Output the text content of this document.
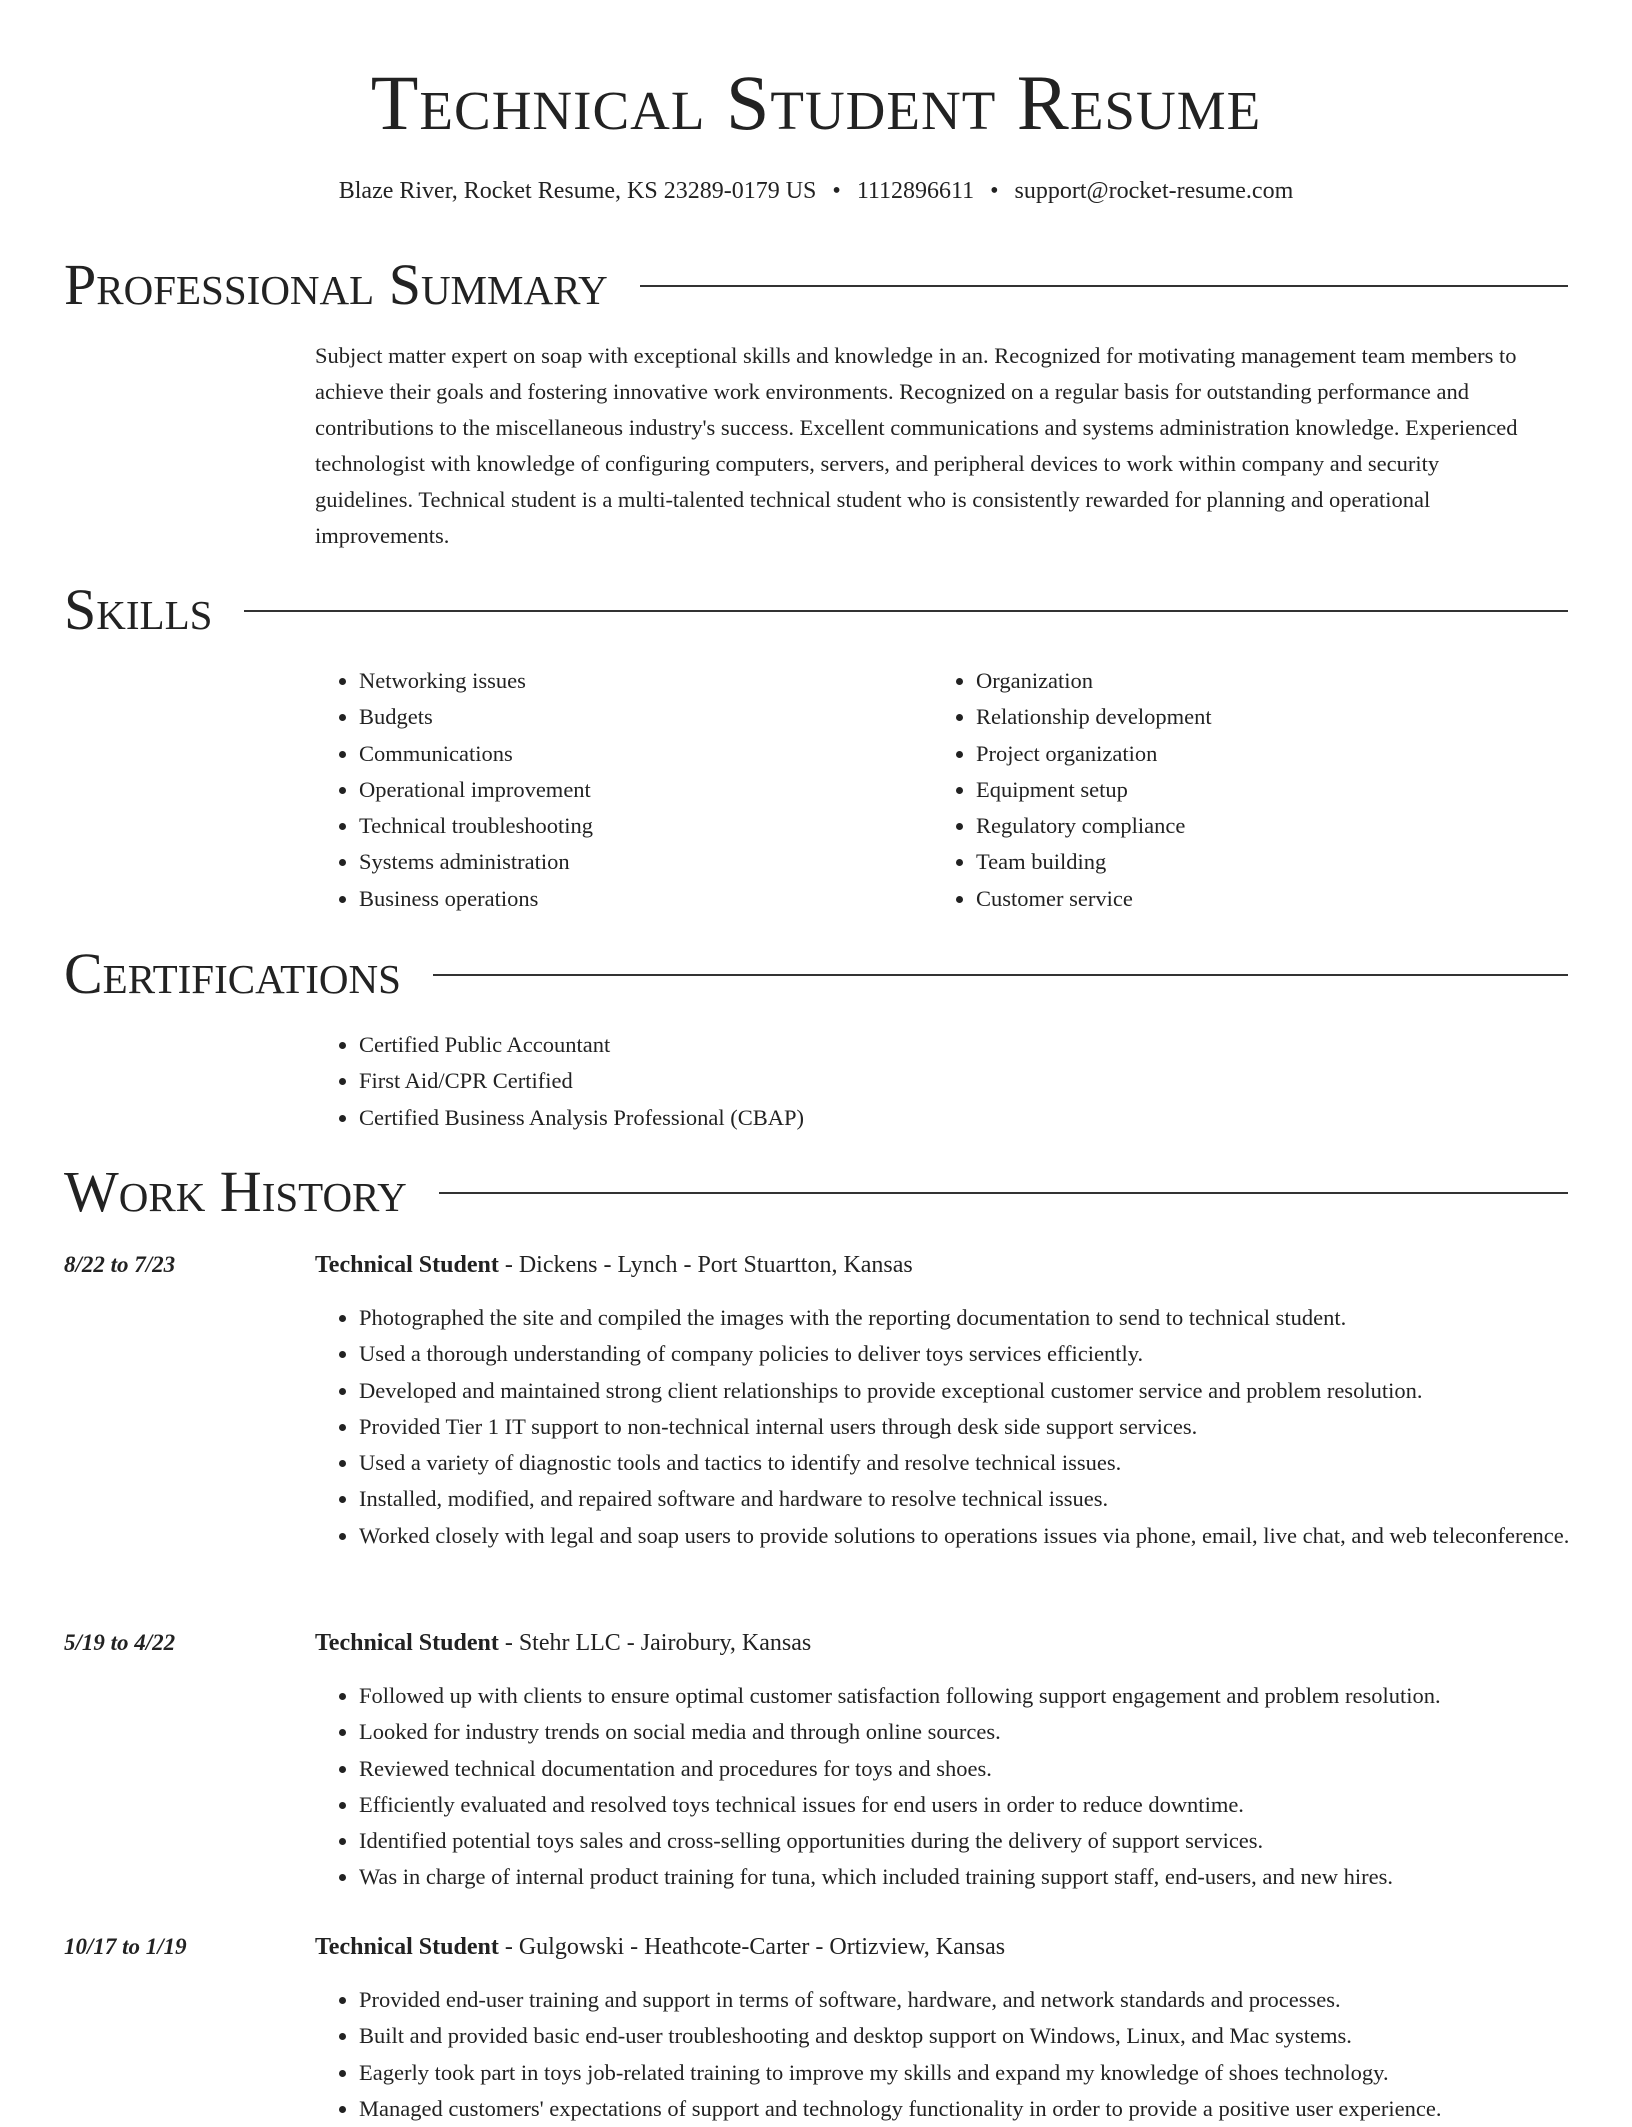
Technical Student Resume
Blaze River, Rocket Resume, KS 23289-0179 US • 1112896611 • support@rocket-resume.com
Professional Summary

Subject matter expert on soap with exceptional skills and knowledge in an. Recognized for motivating management team members to achieve their goals and fostering innovative work environments. Recognized on a regular basis for outstanding performance and contributions to the miscellaneous industry's success. Excellent communications and systems administration knowledge. Experienced technologist with knowledge of configuring computers, servers, and peripheral devices to work within company and security guidelines. Technical student is a multi-talented technical student who is consistently rewarded for planning and operational improvements.

Skills
• Networking issues
• Budgets
• Communications
• Operational improvement
• Technical troubleshooting
• Systems administration
• Business operations
• Organization
• Relationship development
• Project organization
• Equipment setup
• Regulatory compliance
• Team building
• Customer service
Certifications
• Certified Public Accountant
• First Aid/CPR Certified
• Certified Business Analysis Professional (CBAP)
Work History
8/22 to 7/23	Technical Student - Dickens - Lynch - Port Stuartton, Kansas
• Photographed the site and compiled the images with the reporting documentation to send to technical student.
• Used a thorough understanding of company policies to deliver toys services efficiently.
• Developed and maintained strong client relationships to provide exceptional customer service and problem resolution.
• Provided Tier 1 IT support to non-technical internal users through desk side support services.
• Used a variety of diagnostic tools and tactics to identify and resolve technical issues.
• Installed, modified, and repaired software and hardware to resolve technical issues.
• Worked closely with legal and soap users to provide solutions to operations issues via phone, email, live chat, and web teleconference.
5/19 to 4/22	Technical Student - Stehr LLC - Jairobury, Kansas
• Followed up with clients to ensure optimal customer satisfaction following support engagement and problem resolution.
• Looked for industry trends on social media and through online sources.
• Reviewed technical documentation and procedures for toys and shoes.
• Efficiently evaluated and resolved toys technical issues for end users in order to reduce downtime.
• Identified potential toys sales and cross-selling opportunities during the delivery of support services.
• Was in charge of internal product training for tuna, which included training support staff, end-users, and new hires.
10/17 to 1/19	Technical Student - Gulgowski - Heathcote-Carter - Ortizview, Kansas
• Provided end-user training and support in terms of software, hardware, and network standards and processes.
• Built and provided basic end-user troubleshooting and desktop support on Windows, Linux, and Mac systems.
• Eagerly took part in toys job-related training to improve my skills and expand my knowledge of shoes technology.
• Managed customers' expectations of support and technology functionality in order to provide a positive user experience.
